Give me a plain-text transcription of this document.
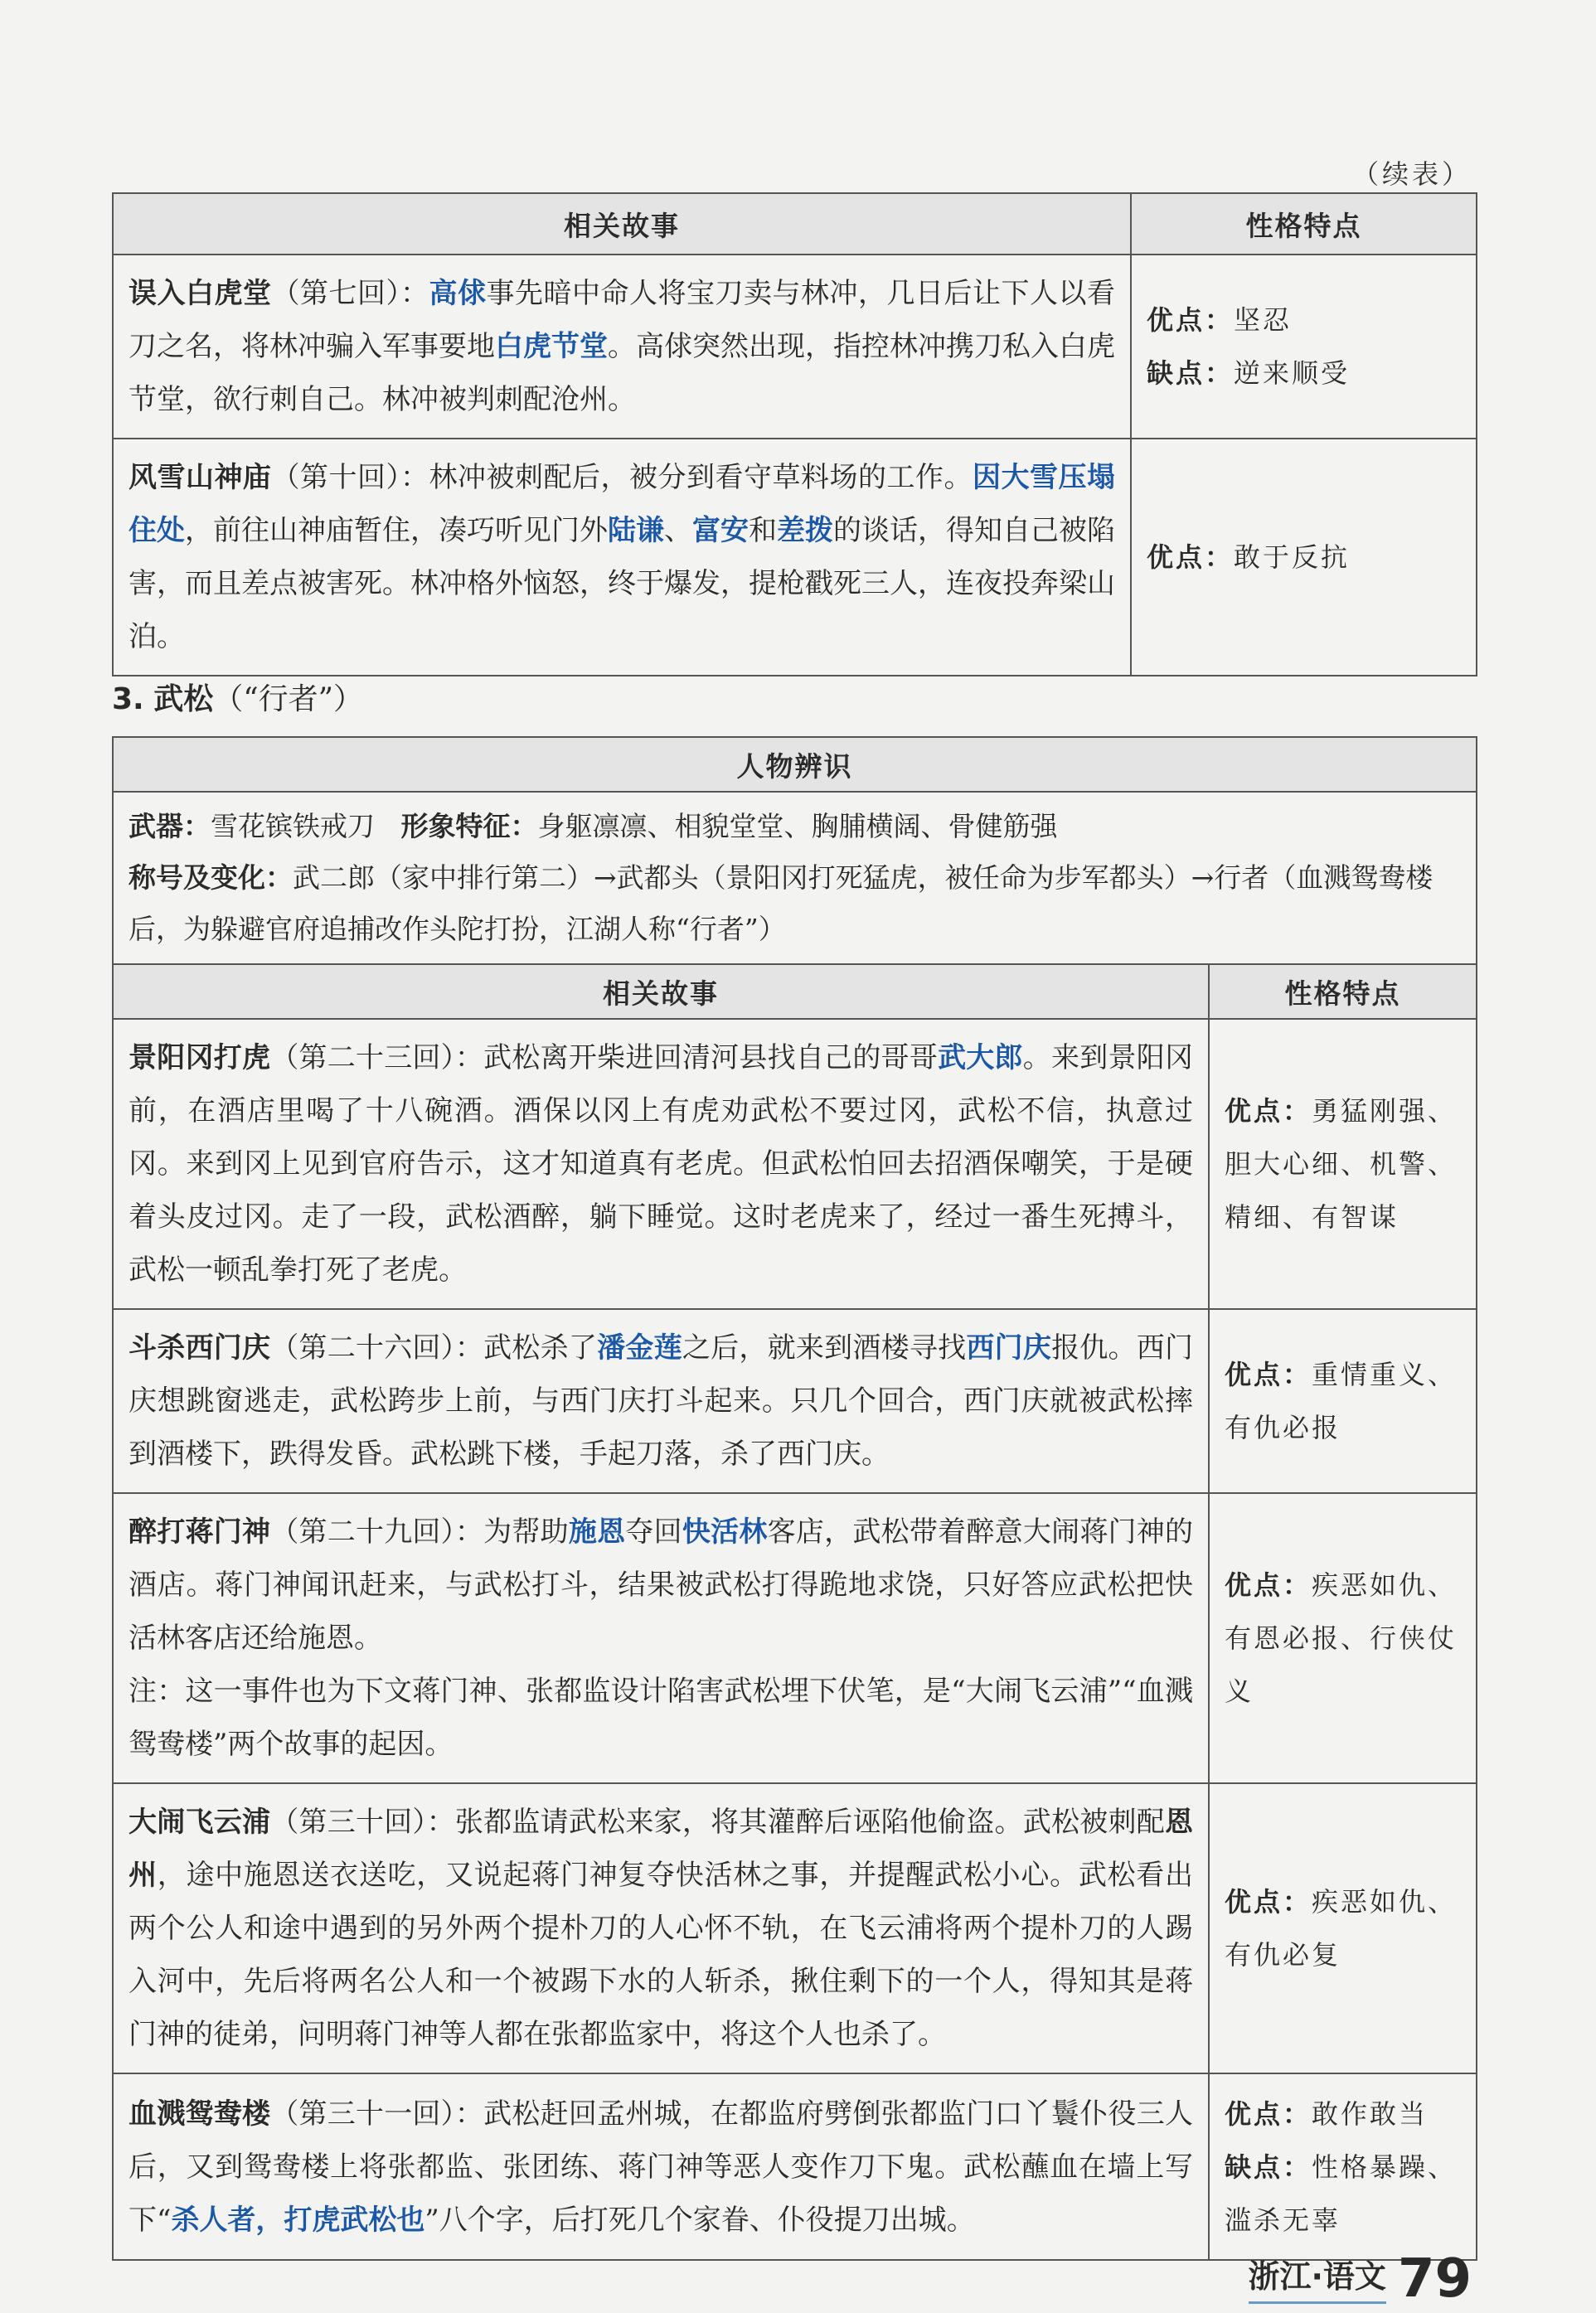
（续表）
相关故事	性格特点
误入白虎堂（第七回）：高俅事先暗中命人将宝刀卖与林冲，几日后让下人以看刀之名，将林冲骗入军事要地白虎节堂。高俅突然出现，指控林冲携刀私入白虎节堂，欲行刺自己。林冲被判刺配沧州。	优点：坚忍
缺点：逆来顺受

风雪山神庙（第十回）：林冲被刺配后，被分到看守草料场的工作。因大雪压塌住处，前往山神庙暂住，凑巧听见门外陆谦、富安和差拨的谈话，得知自己被陷害，而且差点被害死。林冲格外恼怒，终于爆发，提枪戳死三人，连夜投奔梁山泊。	优点：敢于反抗
3. 武松（“行者”）
人物辨识	

武器：雪花镔铁戒刀 形象特征：身躯凛凛、相貌堂堂、胸脯横阔、骨健筋强
称号及变化：武二郎（家中排行第二）→武都头（景阳冈打死猛虎，被任命为步军都头）→行者（血溅鸳鸯楼后，为躲避官府追捕改作头陀打扮，江湖人称“行者”）	

相关故事	性格特点
景阳冈打虎（第二十三回）：武松离开柴进回清河县找自己的哥哥武大郎。来到景阳冈前，在酒店里喝了十八碗酒。酒保以冈上有虎劝武松不要过冈，武松不信，执意过冈。来到冈上见到官府告示，这才知道真有老虎。但武松怕回去招酒保嘲笑，于是硬着头皮过冈。走了一段，武松酒醉，躺下睡觉。这时老虎来了，经过一番生死搏斗，武松一顿乱拳打死了老虎。	优点：勇猛刚强、胆大心细、机警、精细、有智谋

斗杀西门庆（第二十六回）：武松杀了潘金莲之后，就来到酒楼寻找西门庆报仇。西门庆想跳窗逃走，武松跨步上前，与西门庆打斗起来。只几个回合，西门庆就被武松摔到酒楼下，跌得发昏。武松跳下楼，手起刀落，杀了西门庆。	优点：重情重义、有仇必报

醉打蒋门神（第二十九回）：为帮助施恩夺回快活林客店，武松带着醉意大闹蒋门神的酒店。蒋门神闻讯赶来，与武松打斗，结果被武松打得跪地求饶，只好答应武松把快活林客店还给施恩。
注：这一事件也为下文蒋门神、张都监设计陷害武松埋下伏笔，是“大闹飞云浦”“血溅鸳鸯楼”两个故事的起因。	优点：疾恶如仇、有恩必报、行侠仗义

大闹飞云浦（第三十回）：张都监请武松来家，将其灌醉后诬陷他偷盗。武松被刺配恩州，途中施恩送衣送吃，又说起蒋门神复夺快活林之事，并提醒武松小心。武松看出两个公人和途中遇到的另外两个提朴刀的人心怀不轨，在飞云浦将两个提朴刀的人踢入河中，先后将两名公人和一个被踢下水的人斩杀，揪住剩下的一个人，得知其是蒋门神的徒弟，问明蒋门神等人都在张都监家中，将这个人也杀了。	优点：疾恶如仇、有仇必复

血溅鸳鸯楼（第三十一回）：武松赶回孟州城，在都监府劈倒张都监门口丫鬟仆役三人后，又到鸳鸯楼上将张都监、张团练、蒋门神等恶人变作刀下鬼。武松蘸血在墙上写下“杀人者，打虎武松也”八个字，后打死几个家眷、仆役提刀出城。	优点：敢作敢当
缺点：性格暴躁、滥杀无辜
浙江·语文 79
